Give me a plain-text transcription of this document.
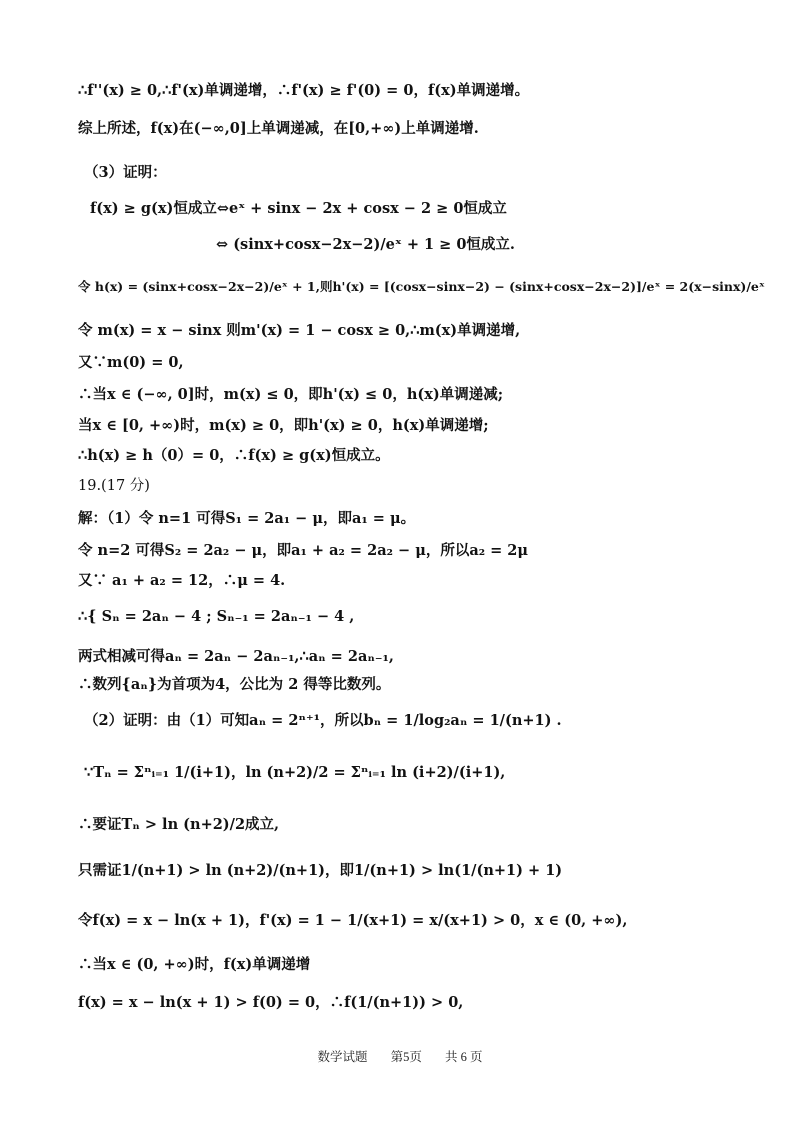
∴f''(x) ≥ 0,∴f'(x)单调递增，∴f'(x) ≥ f'(0) = 0，f(x)单调递增。
综上所述，f(x)在(−∞,0]上单调递减，在[0,+∞)上单调递增.
（3）证明：
f(x) ≥ g(x)恒成立⇔eˣ + sinx − 2x + cosx − 2 ≥ 0恒成立
⇔ (sinx+cosx−2x−2)/eˣ + 1 ≥ 0恒成立.
令 h(x) = (sinx+cosx−2x−2)/eˣ + 1,则h'(x) = [(cosx−sinx−2) − (sinx+cosx−2x−2)]/eˣ = 2(x−sinx)/eˣ
令 m(x) = x − sinx 则m'(x) = 1 − cosx ≥ 0,∴m(x)单调递增,
又∵m(0) = 0,
∴当x ∈ (−∞, 0]时，m(x) ≤ 0，即h'(x) ≤ 0，h(x)单调递减;
当x ∈ [0, +∞)时，m(x) ≥ 0，即h'(x) ≥ 0，h(x)单调递增;
∴h(x) ≥ h（0）= 0，∴f(x) ≥ g(x)恒成立。
19.(17 分)
解：（1）令 n=1 可得S₁ = 2a₁ − μ，即a₁ = μ。
令 n=2 可得S₂ = 2a₂ − μ，即a₁ + a₂ = 2a₂ − μ，所以a₂ = 2μ
又∵ a₁ + a₂ = 12，∴μ = 4.
∴{ Sₙ = 2aₙ − 4 ; Sₙ₋₁ = 2aₙ₋₁ − 4 ,
两式相减可得aₙ = 2aₙ − 2aₙ₋₁,∴aₙ = 2aₙ₋₁,
∴数列{aₙ}为首项为4，公比为 2 得等比数列。
（2）证明：由（1）可知aₙ = 2ⁿ⁺¹，所以bₙ = 1/log₂aₙ = 1/(n+1) .
∵Tₙ = Σⁿᵢ₌₁ 1/(i+1)，ln (n+2)/2 = Σⁿᵢ₌₁ ln (i+2)/(i+1),
∴要证Tₙ > ln (n+2)/2成立,
只需证1/(n+1) > ln (n+2)/(n+1)，即1/(n+1) > ln(1/(n+1) + 1)
令f(x) = x − ln(x + 1)，f'(x) = 1 − 1/(x+1) = x/(x+1) > 0，x ∈ (0, +∞),
∴当x ∈ (0, +∞)时，f(x)单调递增
f(x) = x − ln(x + 1) > f(0) = 0，∴f(1/(n+1)) > 0,
数学试题 第5页 共 6 页
